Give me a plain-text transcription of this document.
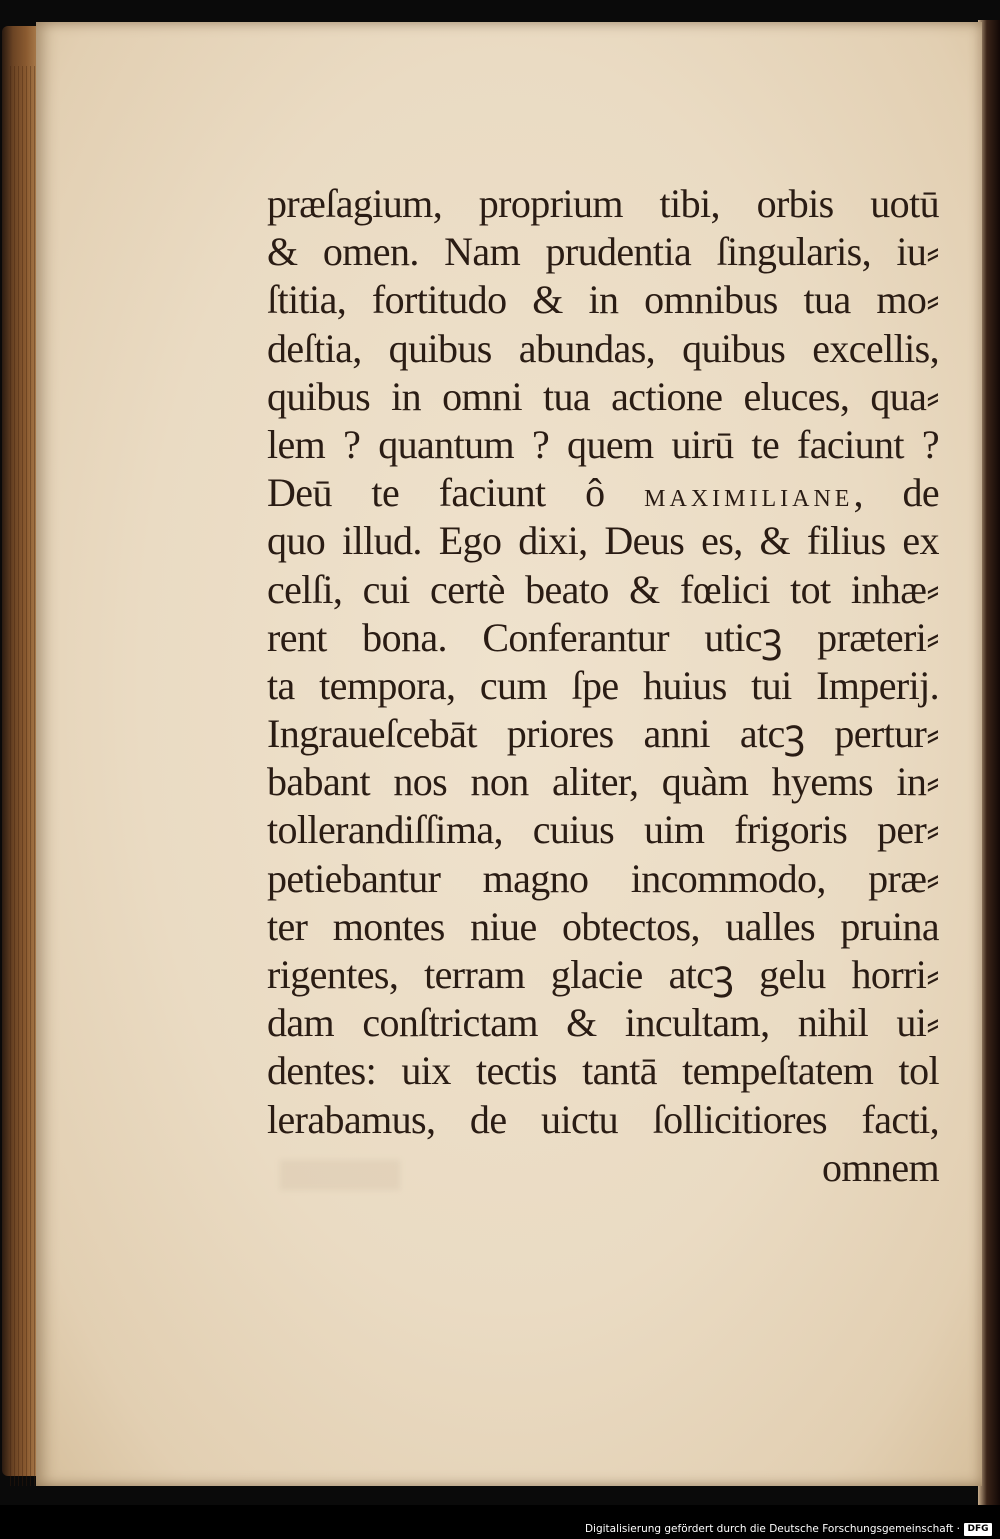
præſagium, proprium tibi, orbis uotū
& omen. Nam prudentia ſingularis, iu⸗
ſtitia, fortitudo & in omnibus tua mo⸗
deſtia, quibus abundas, quibus excellis,
quibus in omni tua actione eluces, qua⸗
lem ? quantum ? quem uirū te faciunt ?
Deū te faciunt ô MAXIMILIANE, de
quo illud. Ego dixi, Deus es, & filius ex
celſi, cui certè beato & fœlici tot inhæ⸗
rent bona. Conferantur uticꝫ præteri⸗
ta tempora, cum ſpe huius tui Imperij.
Ingraueſcebāt priores anni atcꝫ pertur⸗
babant nos non aliter, quàm hyems in⸗
tollerandiſſima, cuius uim frigoris per⸗
petiebantur magno incommodo, præ⸗
ter montes niue obtectos, ualles pruina
rigentes, terram glacie atcꝫ gelu horri⸗
dam conſtrictam & incultam, nihil ui⸗
dentes: uix tectis tantā tempeſtatem tol
lerabamus, de uictu ſollicitiores facti,
omnem
Digitalisierung gefördert durch die Deutsche Forschungsgemeinschaft · DFG
